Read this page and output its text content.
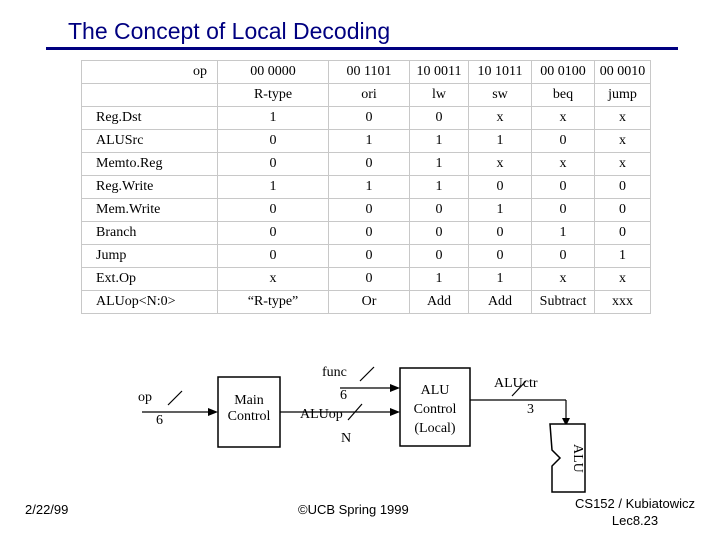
The Concept of Local Decoding
op	00 0000	00 1101	10 0011	10 1011	00 0100	00 0010
	R-type	ori	lw	sw	beq	jump
Reg.Dst	1	0	0	x	x	x
ALUSrc	0	1	1	1	0	x
Memto.Reg	0	0	1	x	x	x
Reg.Write	1	1	1	0	0	0
Mem.Write	0	0	0	1	0	0
Branch	0	0	0	0	1	0
Jump	0	0	0	0	0	1
Ext.Op	x	0	1	1	x	x
ALUop<N:0>	“R-type”	Or	Add	Add	Subtract	xxx
op
6
Main Control
func
6
ALUop
N
ALU
Control
(Local)
ALUctr
3
ALU
2/22/99	©UCB Spring 1999	CS152 / Kubiatowicz
Lec8.23
